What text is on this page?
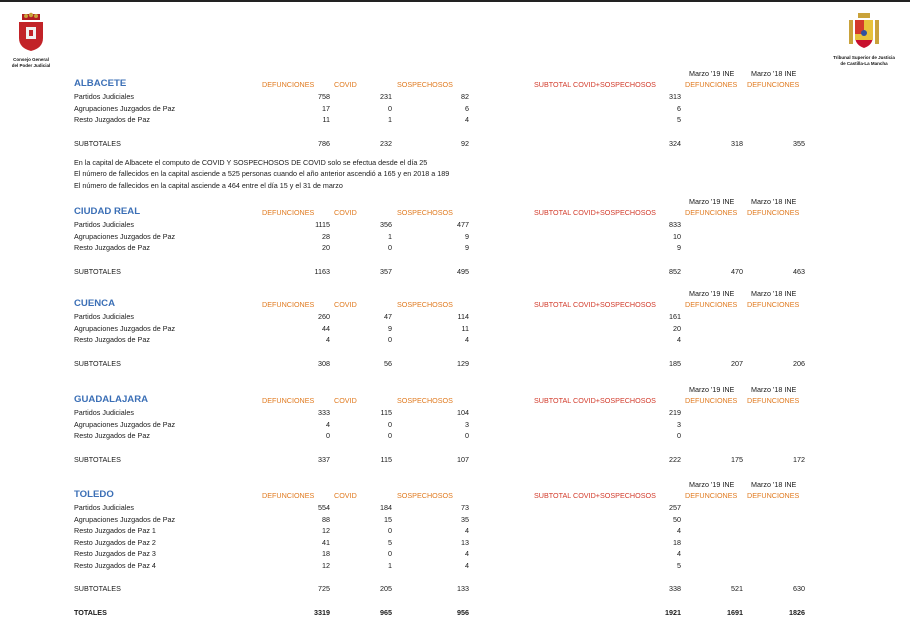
Consejo General
del Poder Judicial
Tribunal Superior de Justicia
de Castilla-La Mancha
Marzo '19 INE Marzo '18 INE
ALBACETE	DEFUNCIONES	COVID	SOSPECHOSOS	SUBTOTAL COVID+SOSPECHOSOS	DEFUNCIONES DEFUNCIONES
Partidos Judiciales	758	231	82	313
Agrupaciones Juzgados de Paz	17	0	6	6
Resto Juzgados de Paz	11	1	4	5
SUBTOTALES	786	232	92	324	318	355
En la capital de Albacete el computo de COVID Y SOSPECHOSOS DE COVID solo se efectua desde el día 25
El número de fallecidos en la capital asciende a 525 personas cuando el año anterior ascendió a 165 y en 2018 a 189
El número de fallecidos en la capital asciende a 464 entre el día 15 y el 31 de marzo
Marzo '19 INE Marzo '18 INE
CIUDAD REAL	DEFUNCIONES	COVID	SOSPECHOSOS	SUBTOTAL COVID+SOSPECHOSOS	DEFUNCIONES DEFUNCIONES
Partidos Judiciales	1115	356	477	833
Agrupaciones Juzgados de Paz	28	1	9	10
Resto Juzgados de Paz	20	0	9	9
SUBTOTALES	1163	357	495	852	470	463
Marzo '19 INE Marzo '18 INE
CUENCA	DEFUNCIONES	COVID	SOSPECHOSOS	SUBTOTAL COVID+SOSPECHOSOS	DEFUNCIONES DEFUNCIONES
Partidos Judiciales	260	47	114	161
Agrupaciones Juzgados de Paz	44	9	11	20
Resto Juzgados de Paz	4	0	4	4
SUBTOTALES	308	56	129	185	207	206
Marzo '19 INE Marzo '18 INE
GUADALAJARA	DEFUNCIONES	COVID	SOSPECHOSOS	SUBTOTAL COVID+SOSPECHOSOS	DEFUNCIONES DEFUNCIONES
Partidos Judiciales	333	115	104	219
Agrupaciones Juzgados de Paz	4	0	3	3
Resto Juzgados de Paz	0	0	0	0
SUBTOTALES	337	115	107	222	175	172
Marzo '19 INE Marzo '18 INE
TOLEDO	DEFUNCIONES	COVID	SOSPECHOSOS	SUBTOTAL COVID+SOSPECHOSOS	DEFUNCIONES DEFUNCIONES
Partidos Judiciales	554	184	73	257
Agrupaciones Juzgados de Paz	88	15	35	50
Resto Juzgados de Paz 1	12	0	4	4
Resto Juzgados de Paz 2	41	5	13	18
Resto Juzgados de Paz 3	18	0	4	4
Resto Juzgados de Paz 4	12	1	4	5
SUBTOTALES	725	205	133	338	521	630
TOTALES	3319	965	956	1921	1691	1826
